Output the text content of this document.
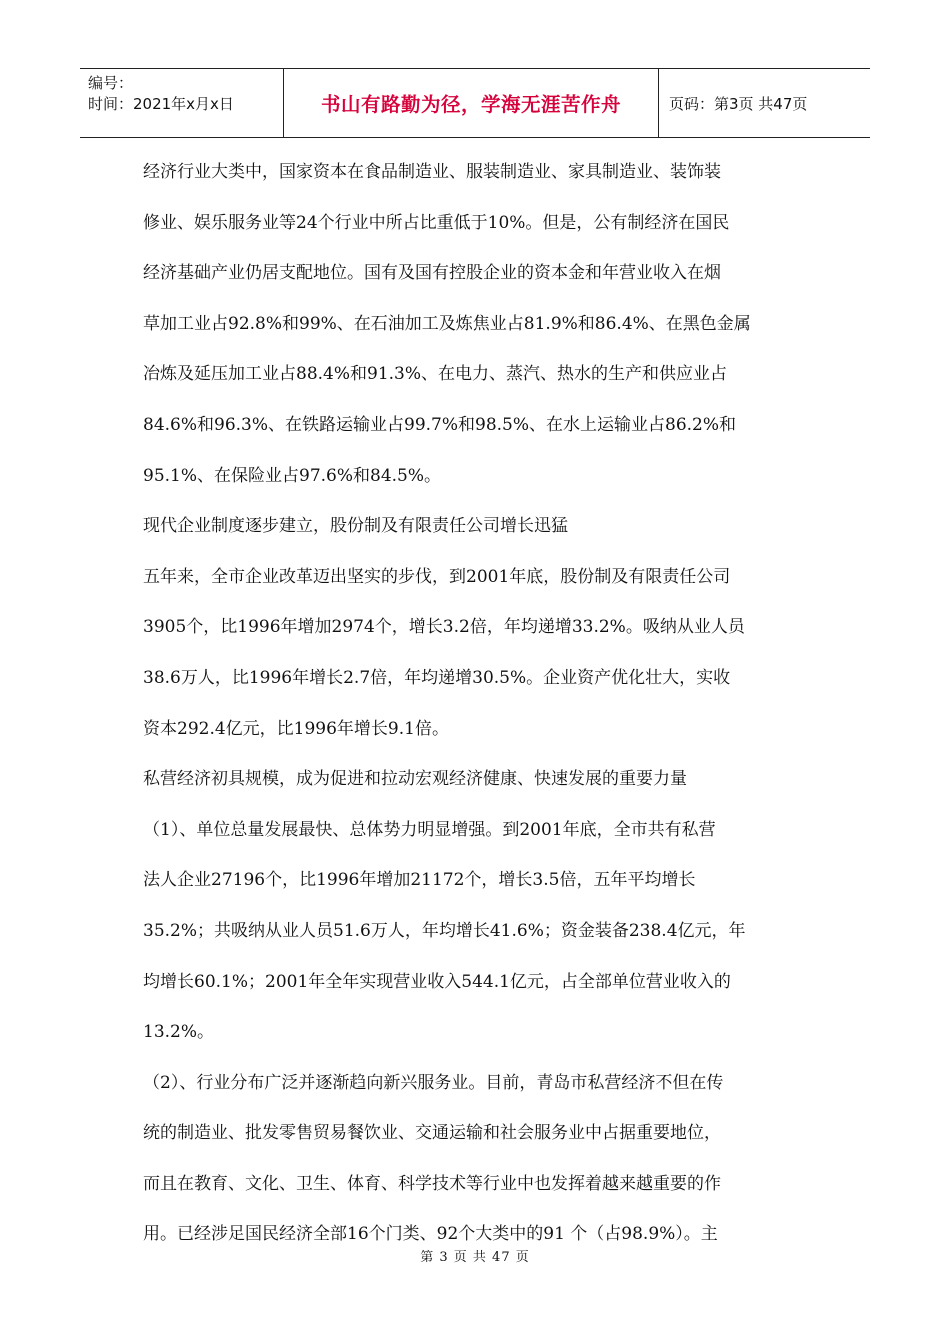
编号：
时间：2021年x月x日	书山有路勤为径，学海无涯苦作舟	页码：第3页 共47页
经济行业大类中，国家资本在食品制造业、服装制造业、家具制造业、装饰装
修业、娱乐服务业等24个行业中所占比重低于10%。但是，公有制经济在国民
经济基础产业仍居支配地位。国有及国有控股企业的资本金和年营业收入在烟
草加工业占92.8%和99%、在石油加工及炼焦业占81.9%和86.4%、在黑色金属
冶炼及延压加工业占88.4%和91.3%、在电力、蒸汽、热水的生产和供应业占
84.6%和96.3%、在铁路运输业占99.7%和98.5%、在水上运输业占86.2%和
95.1%、在保险业占97.6%和84.5%。
现代企业制度逐步建立，股份制及有限责任公司增长迅猛
五年来，全市企业改革迈出坚实的步伐，到2001年底，股份制及有限责任公司
3905个，比1996年增加2974个，增长3.2倍，年均递增33.2%。吸纳从业人员
38.6万人，比1996年增长2.7倍，年均递增30.5%。企业资产优化壮大，实收
资本292.4亿元，比1996年增长9.1倍。
私营经济初具规模，成为促进和拉动宏观经济健康、快速发展的重要力量
（1）、单位总量发展最快、总体势力明显增强。到2001年底，全市共有私营
法人企业27196个，比1996年增加21172个，增长3.5倍，五年平均增长
35.2%；共吸纳从业人员51.6万人，年均增长41.6%；资金装备238.4亿元，年
均增长60.1%；2001年全年实现营业收入544.1亿元，占全部单位营业收入的
13.2%。
（2）、行业分布广泛并逐渐趋向新兴服务业。目前，青岛市私营经济不但在传
统的制造业、批发零售贸易餐饮业、交通运输和社会服务业中占据重要地位，
而且在教育、文化、卫生、体育、科学技术等行业中也发挥着越来越重要的作
用。已经涉足国民经济全部16个门类、92个大类中的91 个（占98.9%）。主
第 3 页 共 47 页
